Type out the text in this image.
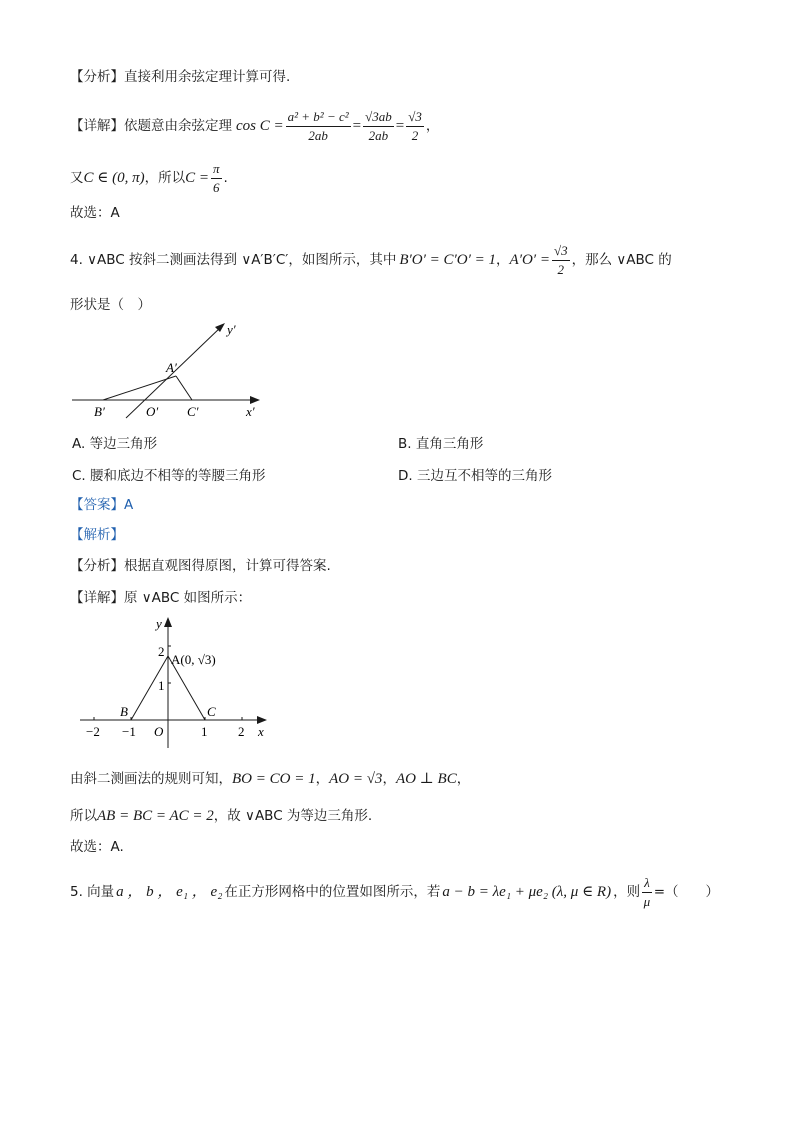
【分析】直接利用余弦定理计算可得.
【详解】 依题意由余弦定理 $\cos C = \frac{\text{a² + b² − c²}}{2ab} = \frac{√3ab}{2ab} = \frac{√3}{2}$ ，
又 C ∈ (0, π) ，所以 $C = \frac{\pi}{6}$ .
故选：A
4. ∨ABC 按斜二测画法得到 ∨A′B′C′，如图所示，其中 B′O′ = C′O′ = 1 ， $A'O' = \frac{√3}{2}$ ，那么 ∨ABC 的
形状是（　）
y′
A′
B′	O′ C′	x′
A. 等边三角形	B. 直角三角形
C. 腰和底边不相等的等腰三角形	D. 三边互不相等的三角形
【答案】A
【解析】
【分析】根据直观图得原图，计算可得答案.
【详解】原 ∨ABC 如图所示：
y
2
1
A(0, √3)
B	C
O
−2 −1	1 2 x
由斜二测画法的规则可知，BO = CO = 1，AO = √3，AO ⊥ BC，
所以AB = BC = AC = 2，故 ∨ABC 为等边三角形.
故选：A.
5. 向量 a ， b ， e₁ ， e₂ 在正方形网格中的位置如图所示，若 a − b = λe₁ + μe₂ (λ, μ ∈ R) ，则 $\frac{\lambda}{\mu}$ =（　　）
